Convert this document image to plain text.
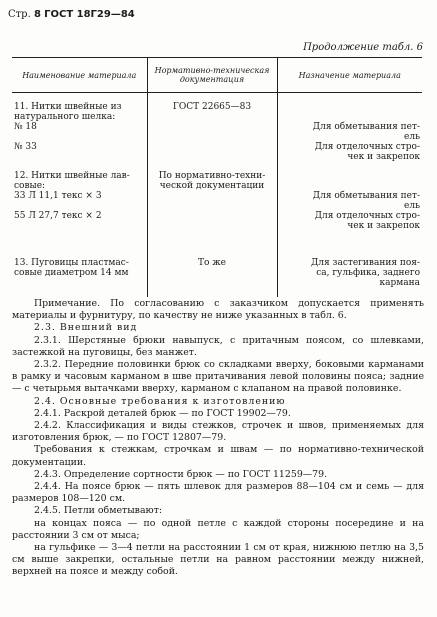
Стр. 8 ГОСТ 18Г29—84
Продолжение табл. 6
Наименование материала	Нормативно-техническая документация	Назначение материала

11. Нитки швейные из	ГОСТ 22665—83	
натурального шелка:		
№ 18		Для обметывания пет-
		ель
№ 33		Для отделочных стро-
		чек и закрепок

12. Нитки швейные лав-	По нормативно-техни-	
совые:	ческой документации	
33 Л 11,1 текс × 3		Для обметывания пет-
		ель
55 Л 27,7 текс × 2		Для отделочных стро-
		чек и закрепок

13. Пуговицы пластмас-	То же	Для застегивания поя-
совые диаметром 14 мм		са, гульфика, заднего
		кармана

Примечание. По согласованию с заказчиком допускается применять материалы и фурнитуру, по качеству не ниже указанных в табл. 6.

2.3. Внешний вид

2.3.1. Шерстяные брюки навыпуск, с притачным поясом, со шлевками, застежкой на пуговицы, без манжет.

2.3.2. Передние половинки брюк со складками вверху, боковыми карманами в рамку и часовым карманом в шве притачивания левой половины пояса; задние — с четырьмя вытачками вверху, карманом с клапаном на правой половинке.

2.4. Основные требования к изготовлению

2.4.1. Раскрой деталей брюк — по ГОСТ 19902—79.

2.4.2. Классификация и виды стежков, строчек и швов, применяемых для изготовления брюк, — по ГОСТ 12807—79.

Требования к стежкам, строчкам и швам — по нормативно-технической документации.

2.4.3. Определение сортности брюк — по ГОСТ 11259—79.

2.4.4. На поясе брюк — пять шлевок для размеров 88—104 см и семь — для размеров 108—120 см.

2.4.5. Петли обметывают:

на концах пояса — по одной петле с каждой стороны посередине и на расстоянии 3 см от мыса;

на гульфике — 3—4 петли на расстоянии 1 см от края, нижнюю петлю на 3,5 см выше закрепки, остальные петли на равном расстоянии между нижней, верхней на поясе и между собой.
